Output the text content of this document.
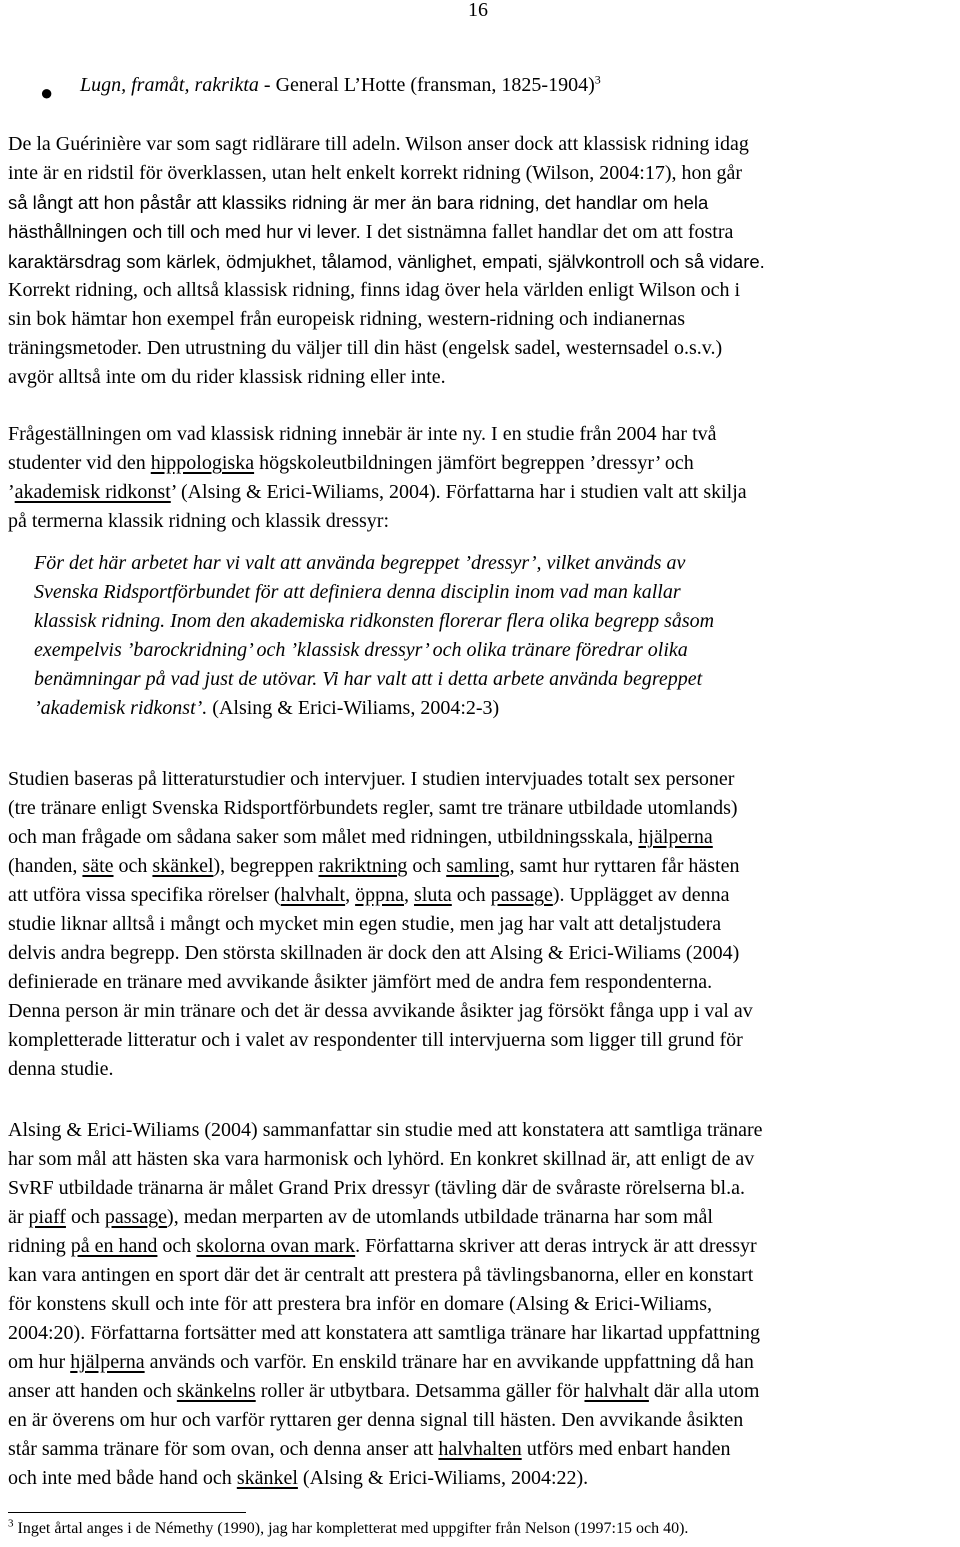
16
● Lugn, framåt, rakrikta - General L’Hotte (fransman, 1825-1904)$^3$
De la Guérinière var som sagt ridlärare till adeln. Wilson anser dock att klassisk ridning idag
inte är en ridstil för överklassen, utan helt enkelt korrekt ridning (Wilson, 2004:17), hon går
så långt att hon påstår att klassiks ridning är mer än bara ridning, det handlar om hela
hästhållningen och till och med hur vi lever. I det sistnämna fallet handlar det om att fostra
karaktärsdrag som kärlek, ödmjukhet, tålamod, vänlighet, empati, självkontroll och så vidare.
Korrekt ridning, och alltså klassisk ridning, finns idag över hela världen enligt Wilson och i
sin bok hämtar hon exempel från europeisk ridning, western-ridning och indianernas
träningsmetoder. Den utrustning du väljer till din häst (engelsk sadel, westernsadel o.s.v.)
avgör alltså inte om du rider klassisk ridning eller inte.
Frågeställningen om vad klassisk ridning innebär är inte ny. I en studie från 2004 har två
studenter vid den hippologiska högskoleutbildningen jämfört begreppen ’dressyr’ och
’akademisk ridkonst’ (Alsing & Erici-Wiliams, 2004). Författarna har i studien valt att skilja
på termerna klassik ridning och klassik dressyr:
För det här arbetet har vi valt att använda begreppet ’dressyr’, vilket används av
Svenska Ridsportförbundet för att definiera denna disciplin inom vad man kallar
klassisk ridning. Inom den akademiska ridkonsten florerar flera olika begrepp såsom
exempelvis ’barockridning’ och ’klassisk dressyr’ och olika tränare föredrar olika
benämningar på vad just de utövar. Vi har valt att i detta arbete använda begreppet
’akademisk ridkonst’. (Alsing & Erici-Wiliams, 2004:2-3)
Studien baseras på litteraturstudier och intervjuer. I studien intervjuades totalt sex personer
(tre tränare enligt Svenska Ridsportförbundets regler, samt tre tränare utbildade utomlands)
och man frågade om sådana saker som målet med ridningen, utbildningsskala, hjälperna
(handen, säte och skänkel), begreppen rakriktning och samling, samt hur ryttaren får hästen
att utföra vissa specifika rörelser (halvhalt, öppna, sluta och passage). Upplägget av denna
studie liknar alltså i mångt och mycket min egen studie, men jag har valt att detaljstudera
delvis andra begrepp. Den största skillnaden är dock den att Alsing & Erici-Wiliams (2004)
definierade en tränare med avvikande åsikter jämfört med de andra fem respondenterna.
Denna person är min tränare och det är dessa avvikande åsikter jag försökt fånga upp i val av
kompletterade litteratur och i valet av respondenter till intervjuerna som ligger till grund för
denna studie.
Alsing & Erici-Wiliams (2004) sammanfattar sin studie med att konstatera att samtliga tränare
har som mål att hästen ska vara harmonisk och lyhörd. En konkret skillnad är, att enligt de av
SvRF utbildade tränarna är målet Grand Prix dressyr (tävling där de svåraste rörelserna bl.a.
är piaff och passage), medan merparten av de utomlands utbildade tränarna har som mål
ridning på en hand och skolorna ovan mark. Författarna skriver att deras intryck är att dressyr
kan vara antingen en sport där det är centralt att prestera på tävlingsbanorna, eller en konstart
för konstens skull och inte för att prestera bra inför en domare (Alsing & Erici-Wiliams,
2004:20). Författarna fortsätter med att konstatera att samtliga tränare har likartad uppfattning
om hur hjälperna används och varför. En enskild tränare har en avvikande uppfattning då han
anser att handen och skänkelns roller är utbytbara. Detsamma gäller för halvhalt där alla utom
en är överens om hur och varför ryttaren ger denna signal till hästen. Den avvikande åsikten
står samma tränare för som ovan, och denna anser att halvhalten utförs med enbart handen
och inte med både hand och skänkel (Alsing & Erici-Wiliams, 2004:22).
$^3$ Inget årtal anges i de Némethy (1990), jag har kompletterat med uppgifter från Nelson (1997:15 och 40).
